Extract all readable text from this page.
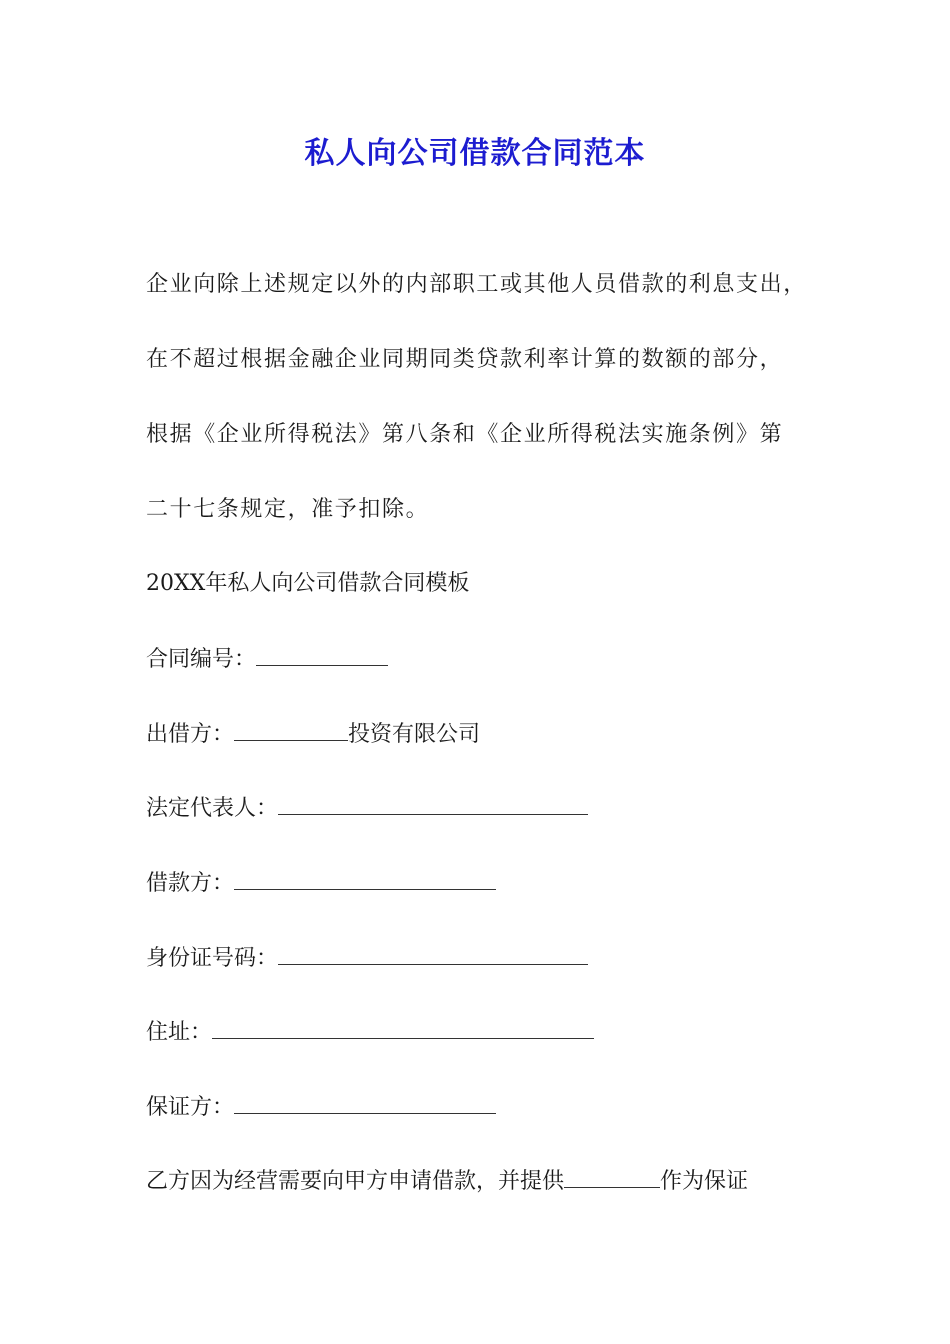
私人向公司借款合同范本
企业向除上述规定以外的内部职工或其他人员借款的利息支出，
在不超过根据金融企业同期同类贷款利率计算的数额的部分，
根据《企业所得税法》第八条和《企业所得税法实施条例》第
二十七条规定，准予扣除。
20XX年私人向公司借款合同模板
合同编号：
出借方：	投资有限公司
法定代表人：
借款方：
身份证号码：
住址：
保证方：
乙方因为经营需要向甲方申请借款，并提供	作为保证
